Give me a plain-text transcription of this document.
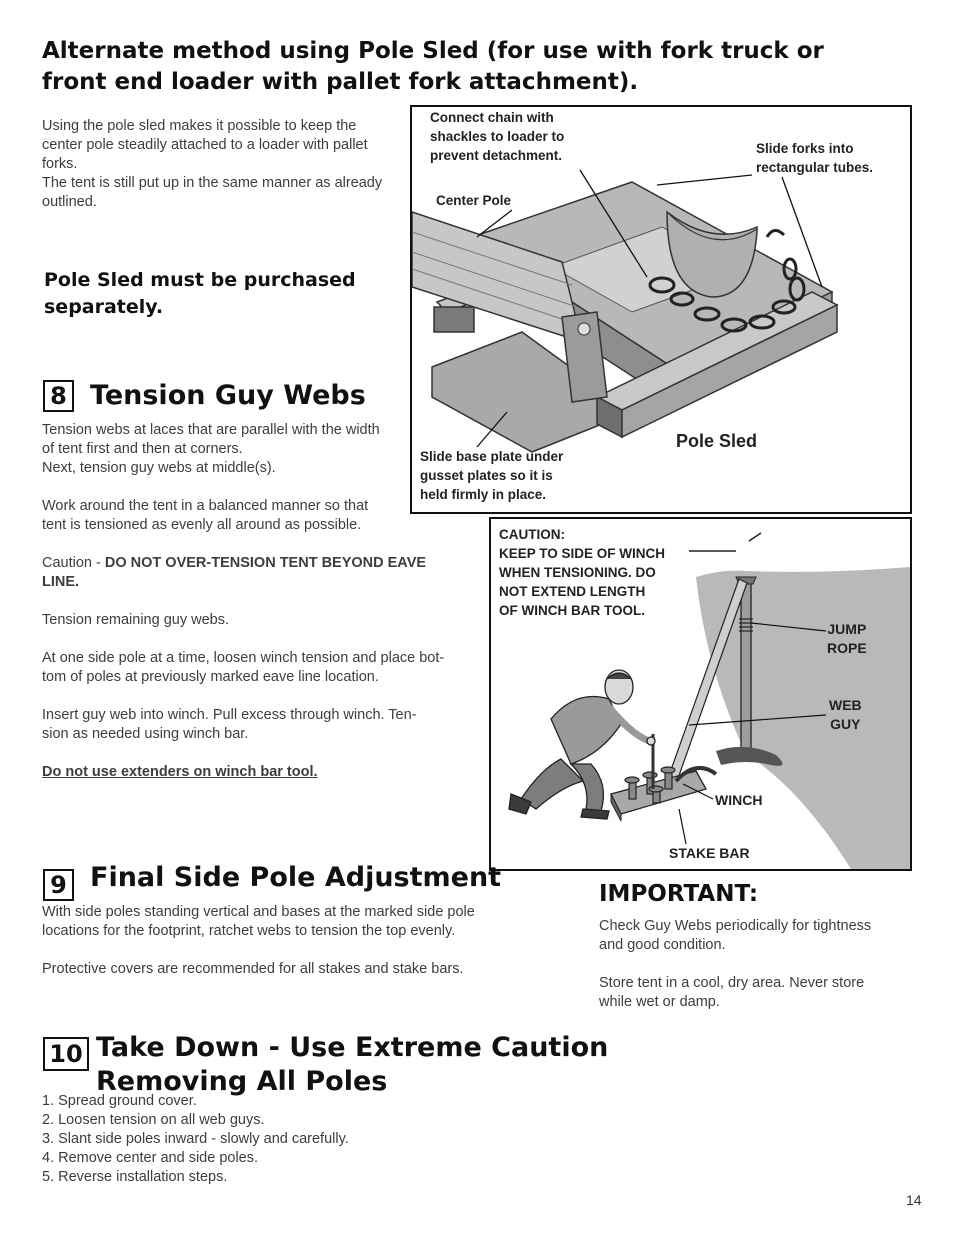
Alternate method using Pole Sled (for use with fork truck or
front end loader with pallet fork attachment).

Using the pole sled makes it possible to keep the

center pole steadily attached to a loader with pallet

forks.

The tent is still put up in the same manner as already

outlined.

Pole Sled must be purchased
separately.
Connect chain with
shackles to loader to
prevent detachment.	Slide forks into
rectangular tubes.
Center Pole
Slide base plate under
gusset plates so it is
held firmly in place.
Pole Sled
8 Tension Guy Webs

Tension webs at laces that are parallel with the width

of tent first and then at corners.

Next, tension guy webs at middle(s).

Work around the tent in a balanced manner so that

tent is tensioned as evenly all around as possible.

Caution - DO NOT OVER-TENSION TENT BEYOND EAVE

LINE.

Tension remaining guy webs.

At one side pole at a time, loosen winch tension and place bot-

tom of poles at previously marked eave line location.

Insert guy web into winch. Pull excess through winch. Ten-

sion as needed using winch bar.

Do not use extenders on winch bar tool.

CAUTION:
KEEP TO SIDE OF WINCH
WHEN TENSIONING. DO
NOT EXTEND LENGTH
OF WINCH BAR TOOL.
JUMP
ROPE
WEB
GUY
WINCH
STAKE BAR
9 Final Side Pole Adjustment

With side poles standing vertical and bases at the marked side pole

locations for the footprint, ratchet webs to tension the top evenly.

Protective covers are recommended for all stakes and stake bars.

IMPORTANT:

Check Guy Webs periodically for tightness

and good condition.

Store tent in a cool, dry area. Never store

while wet or damp.

10 Take Down - Use Extreme Caution
Removing All Poles
1. Spread ground cover.
2. Loosen tension on all web guys.
3. Slant side poles inward - slowly and carefully.
4. Remove center and side poles.
5. Reverse installation steps.
14
